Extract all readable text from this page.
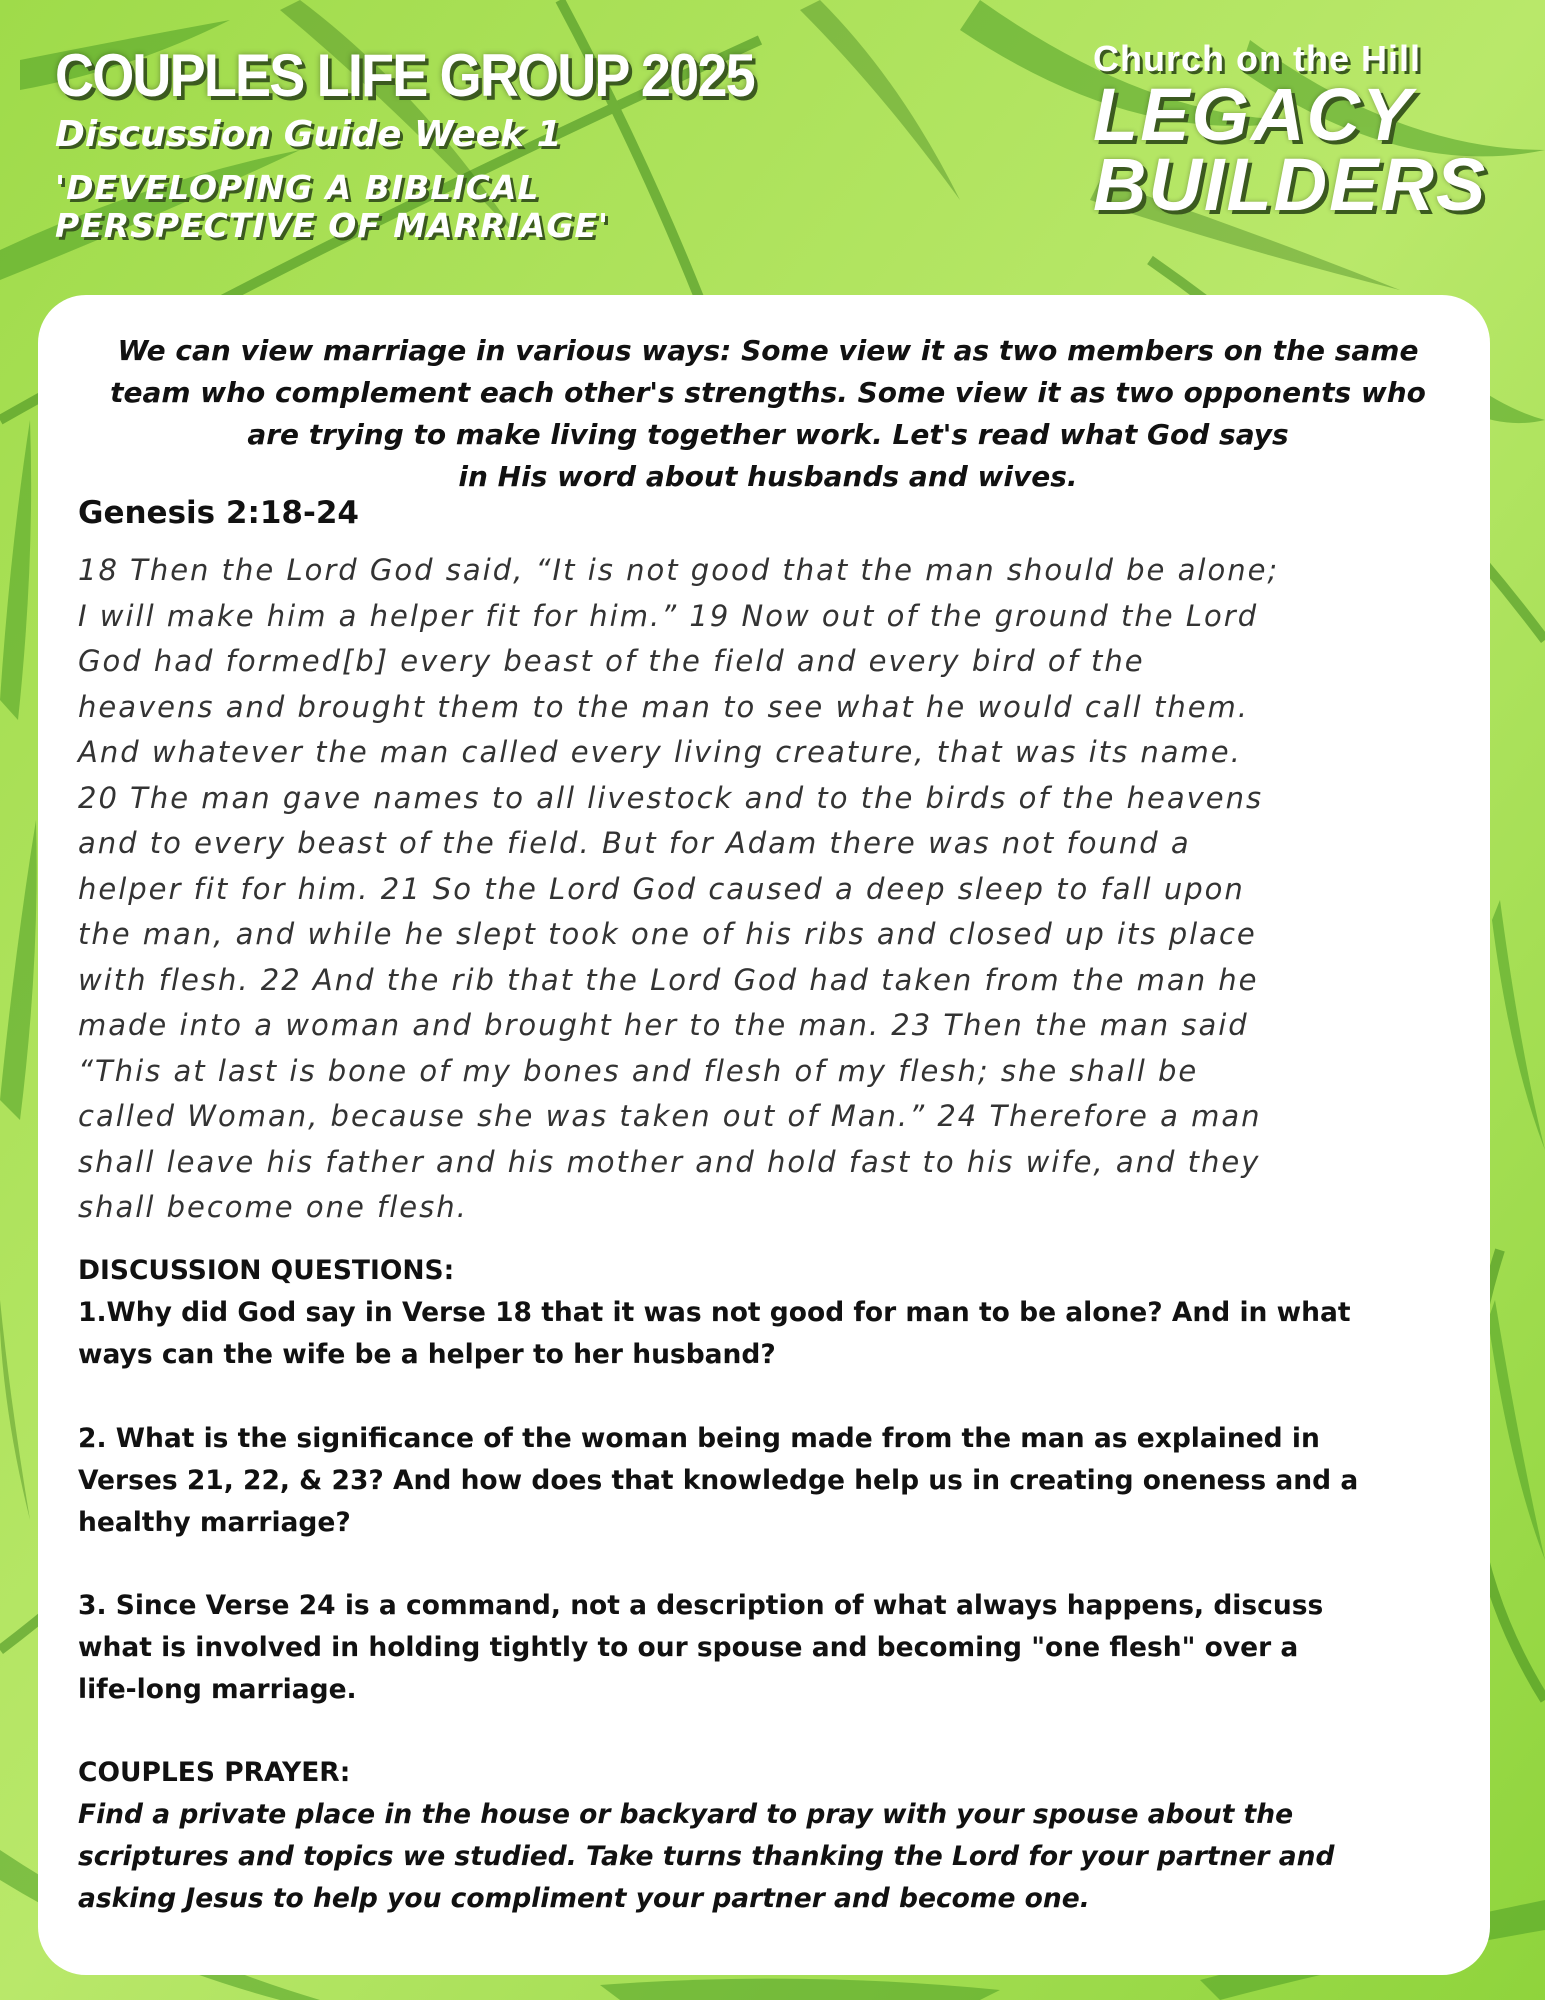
COUPLES LIFE GROUP 2025
Discussion Guide Week 1
'DEVELOPING A BIBLICAL
PERSPECTIVE OF MARRIAGE'
Church on the Hill
LEGACY
BUILDERS
We can view marriage in various ways: Some view it as two members on the same
team who complement each other's strengths. Some view it as two opponents who
are trying to make living together work. Let's read what God says
in His word about husbands and wives.
Genesis 2:18-24
18 Then the Lord God said, “It is not good that the man should be alone;
I will make him a helper fit for him.” 19 Now out of the ground the Lord
God had formed[b] every beast of the field and every bird of the
heavens and brought them to the man to see what he would call them.
And whatever the man called every living creature, that was its name.
20 The man gave names to all livestock and to the birds of the heavens
and to every beast of the field. But for Adam there was not found a
helper fit for him. 21 So the Lord God caused a deep sleep to fall upon
the man, and while he slept took one of his ribs and closed up its place
with flesh. 22 And the rib that the Lord God had taken from the man he
made into a woman and brought her to the man. 23 Then the man said
“This at last is bone of my bones and flesh of my flesh; she shall be
called Woman, because she was taken out of Man.” 24 Therefore a man
shall leave his father and his mother and hold fast to his wife, and they
shall become one flesh.
DISCUSSION QUESTIONS:
1.Why did God say in Verse 18 that it was not good for man to be alone? And in what
ways can the wife be a helper to her husband?
2. What is the significance of the woman being made from the man as explained in
Verses 21, 22, & 23? And how does that knowledge help us in creating oneness and a
healthy marriage?
3. Since Verse 24 is a command, not a description of what always happens, discuss
what is involved in holding tightly to our spouse and becoming "one flesh" over a
life-long marriage.
COUPLES PRAYER:
Find a private place in the house or backyard to pray with your spouse about the
scriptures and topics we studied. Take turns thanking the Lord for your partner and
asking Jesus to help you compliment your partner and become one.
